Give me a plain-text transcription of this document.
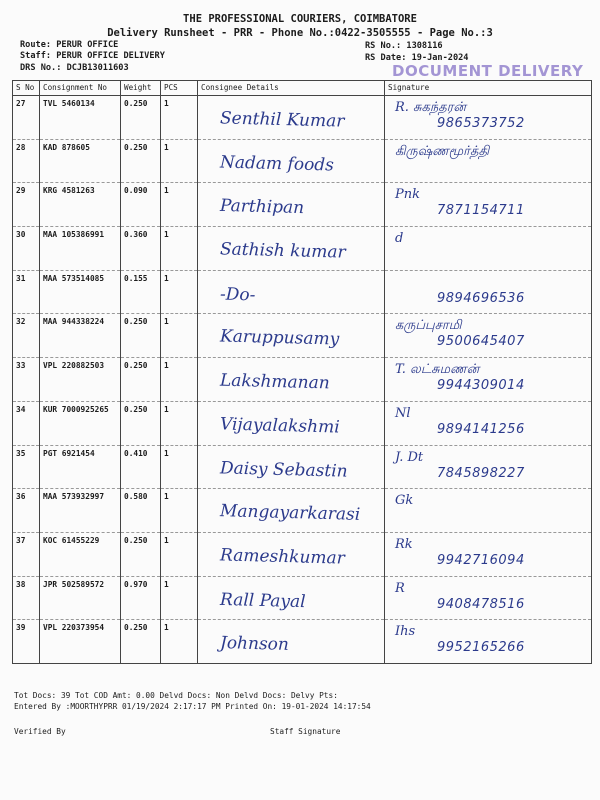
THE PROFESSIONAL COURIERS, COIMBATORE
Delivery Runsheet - PRR - Phone No.:0422-3505555 - Page No.:3
Route: PERUR OFFICE
Staff: PERUR OFFICE DELIVERY
DRS No.: DCJB13011603
RS No.: 1308116
RS Date: 19-Jan-2024
DOCUMENT DELIVERY
S No	Consignment No	Weight	PCS	Consignee Details	Signature
27	TVL 5460134	0.250	1	Senthil Kumar	R. சுகந்தரன்
9865373752

28	KAD 878605	0.250	1	Nadam foods	கிருஷ்ணமூர்த்தி

29	KRG 4581263	0.090	1	Parthipan	Pnk
7871154711

30	MAA 105386991	0.360	1	Sathish kumar	d

31	MAA 573514085	0.155	1	-Do-	9894696536

32	MAA 944338224	0.250	1	Karuppusamy	கருப்புசாமி
9500645407

33	VPL 220882503	0.250	1	Lakshmanan	T. லட்சுமணன்
9944309014

34	KUR 7000925265	0.250	1	Vijayalakshmi	Nl
9894141256

35	PGT 6921454	0.410	1	Daisy Sebastin	J. Dt
7845898227

36	MAA 573932997	0.580	1	Mangayarkarasi	Gk

37	KOC 61455229	0.250	1	Rameshkumar	Rk
9942716094

38	JPR 502589572	0.970	1	Rall Payal	R
9408478516

39	VPL 220373954	0.250	1	Johnson	Ihs
9952165266
Tot Docs: 39 Tot COD Amt: 0.00 Delvd Docs: Non Delvd Docs: Delvy Pts:
Entered By :MOORTHYPRR 01/19/2024 2:17:17 PM Printed On: 19-01-2024 14:17:54
Verified By	Staff Signature
